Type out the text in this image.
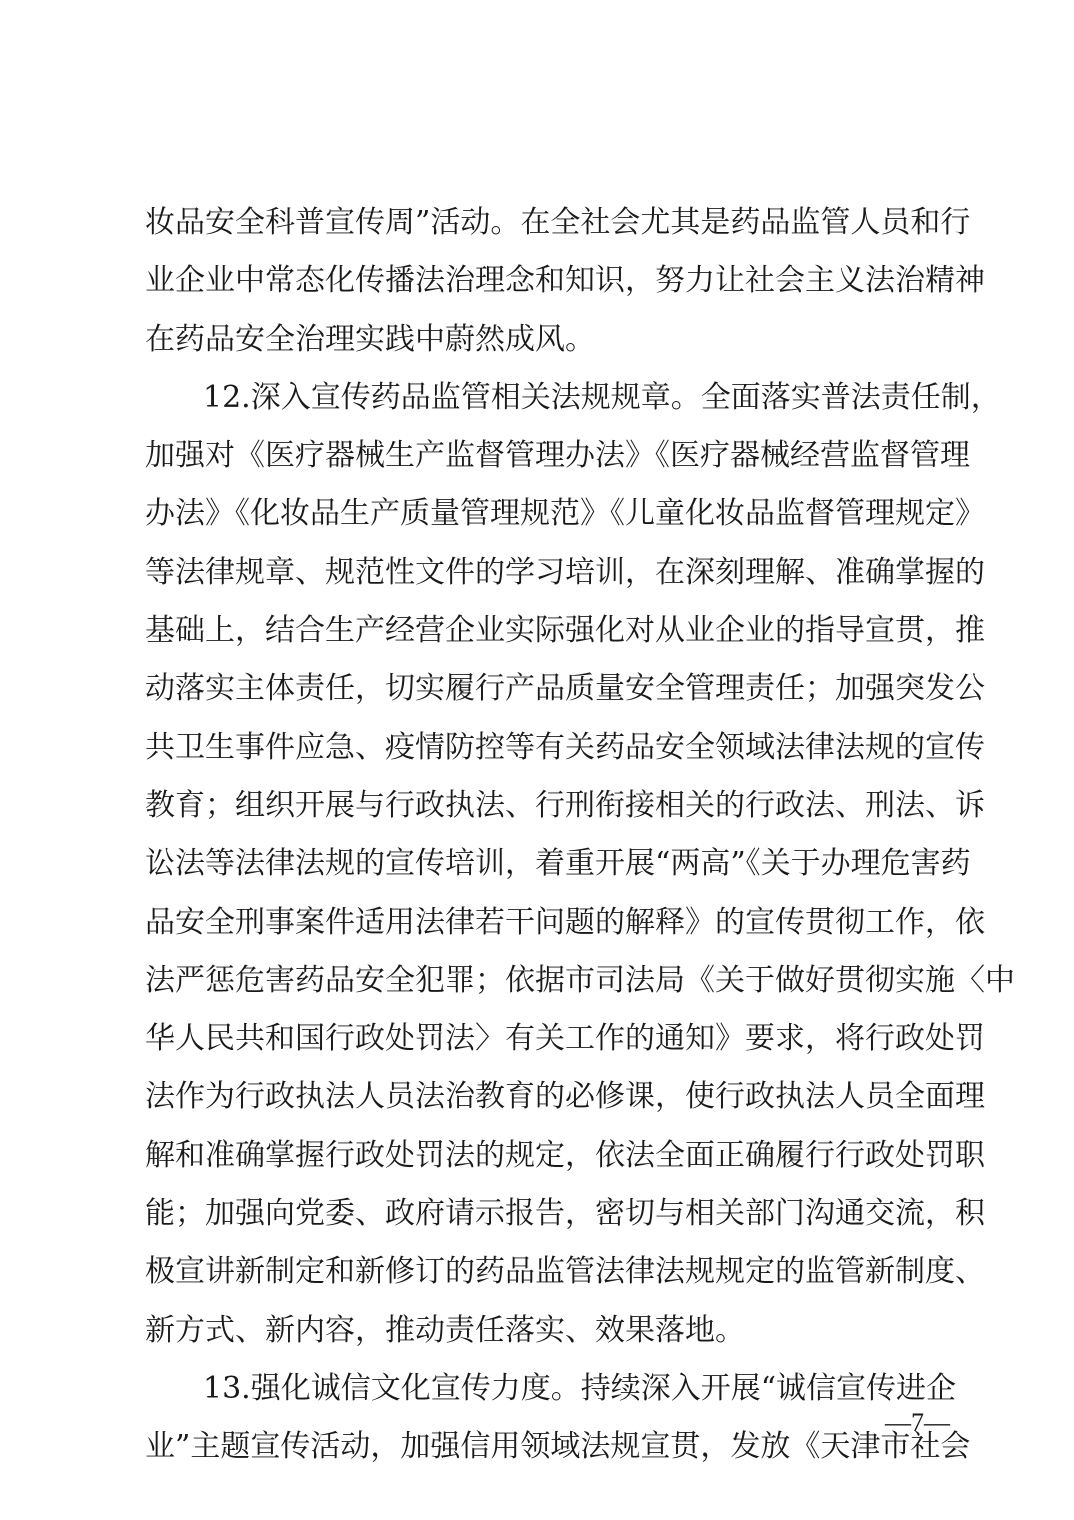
妆品安全科普宣传周”活动。在全社会尤其是药品监管人员和行
业企业中常态化传播法治理念和知识，努力让社会主义法治精神
在药品安全治理实践中蔚然成风。
12.深入宣传药品监管相关法规规章。全面落实普法责任制，
加强对《医疗器械生产监督管理办法》《医疗器械经营监督管理
办法》《化妆品生产质量管理规范》《儿童化妆品监督管理规定》
等法律规章、规范性文件的学习培训，在深刻理解、准确掌握的
基础上，结合生产经营企业实际强化对从业企业的指导宣贯，推
动落实主体责任，切实履行产品质量安全管理责任；加强突发公
共卫生事件应急、疫情防控等有关药品安全领域法律法规的宣传
教育；组织开展与行政执法、行刑衔接相关的行政法、刑法、诉
讼法等法律法规的宣传培训，着重开展“两高”《关于办理危害药
品安全刑事案件适用法律若干问题的解释》的宣传贯彻工作，依
法严惩危害药品安全犯罪；依据市司法局《关于做好贯彻实施〈中
华人民共和国行政处罚法〉有关工作的通知》要求，将行政处罚
法作为行政执法人员法治教育的必修课，使行政执法人员全面理
解和准确掌握行政处罚法的规定，依法全面正确履行行政处罚职
能；加强向党委、政府请示报告，密切与相关部门沟通交流，积
极宣讲新制定和新修订的药品监管法律法规规定的监管新制度、
新方式、新内容，推动责任落实、效果落地。
13.强化诚信文化宣传力度。持续深入开展“诚信宣传进企
业”主题宣传活动，加强信用领域法规宣贯，发放《天津市社会
—7—
